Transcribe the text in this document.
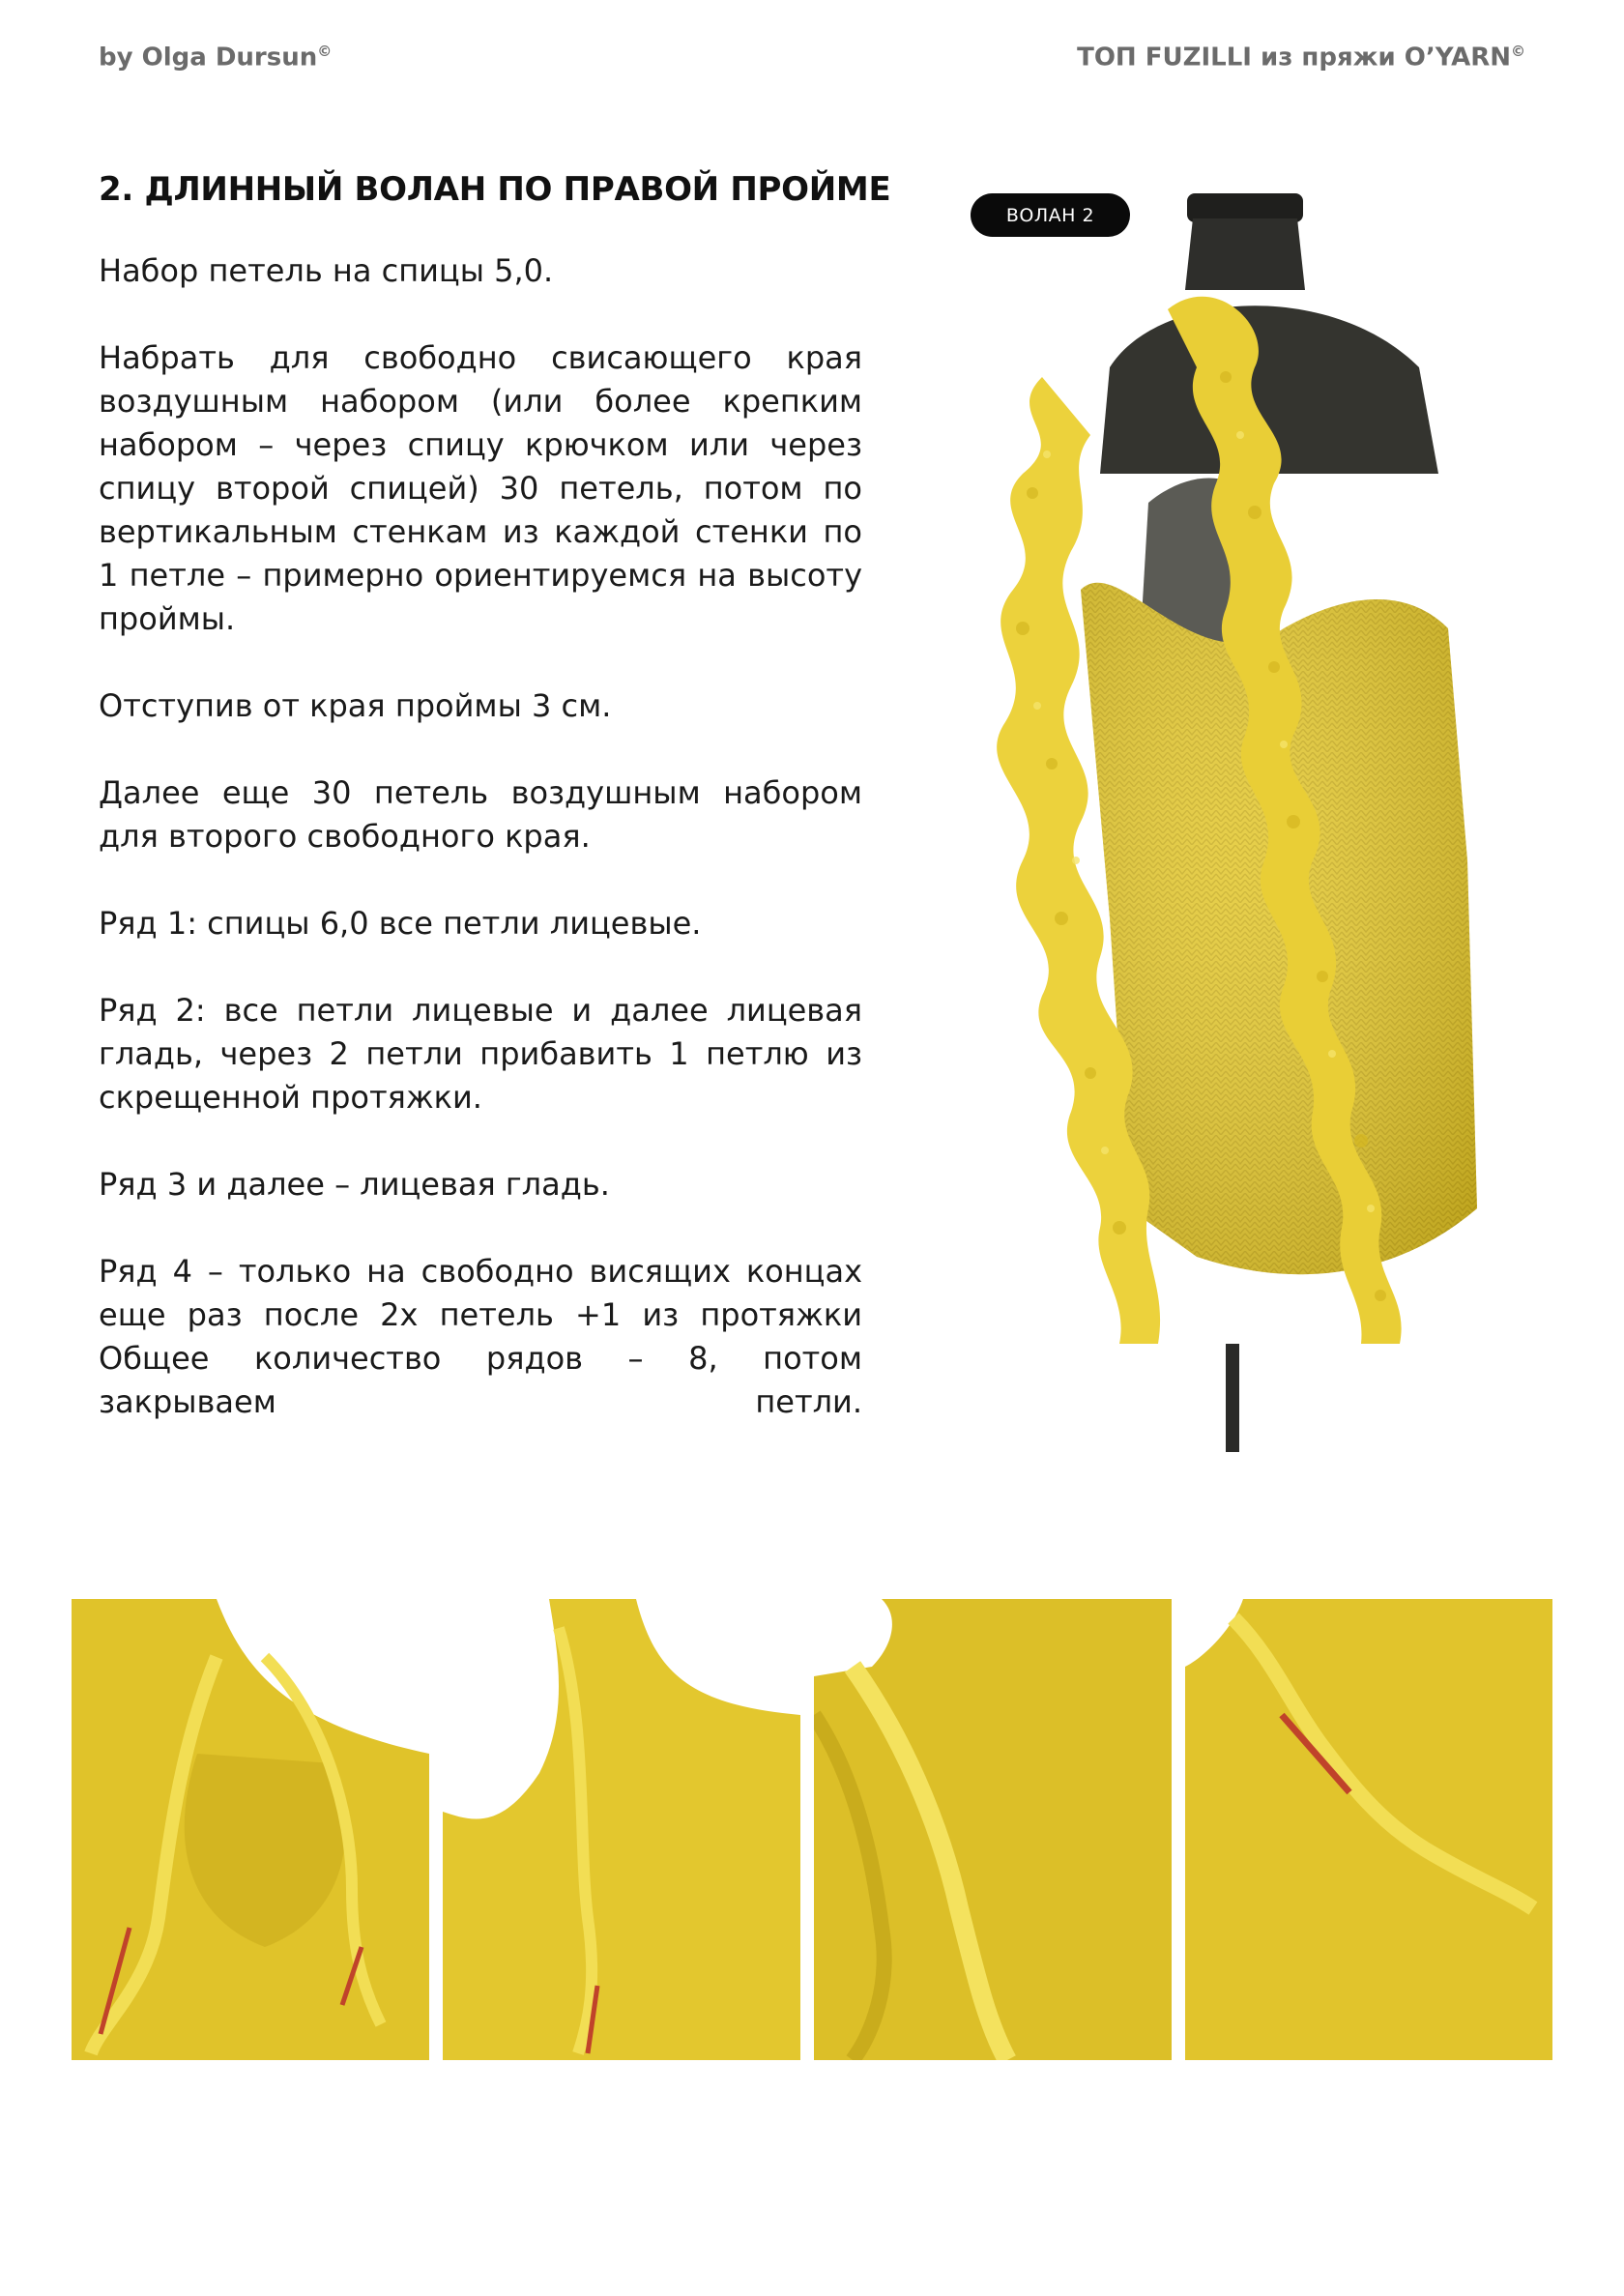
by Olga Dursun©	ТОП FUZILLI из пряжи O’YARN©
2. ДЛИННЫЙ ВОЛАН ПО ПРАВОЙ ПРОЙМЕ

Набор петель на спицы 5,0.

Набрать для свободно свисающего края воздушным набором (или более крепким набором – через спицу крючком или через спицу второй спицей) 30 петель, потом по вертикальным стенкам из каждой стенки по 1 петле – примерно ориентируемся на высоту проймы.

Отступив от края проймы 3 см.

Далее еще 30 петель воздушным набором для второго свободного края.

Ряд 1: спицы 6,0 все петли лицевые.

Ряд 2: все петли лицевые и далее лицевая гладь, через 2 петли прибавить 1 петлю из скрещенной протяжки.

Ряд 3 и далее – лицевая гладь.

Ряд 4 – только на свободно висящих концах еще раз после 2х петель +1 из протяжки Общее количество рядов – 8, потом закрываем петли.

ВОЛАН 2
